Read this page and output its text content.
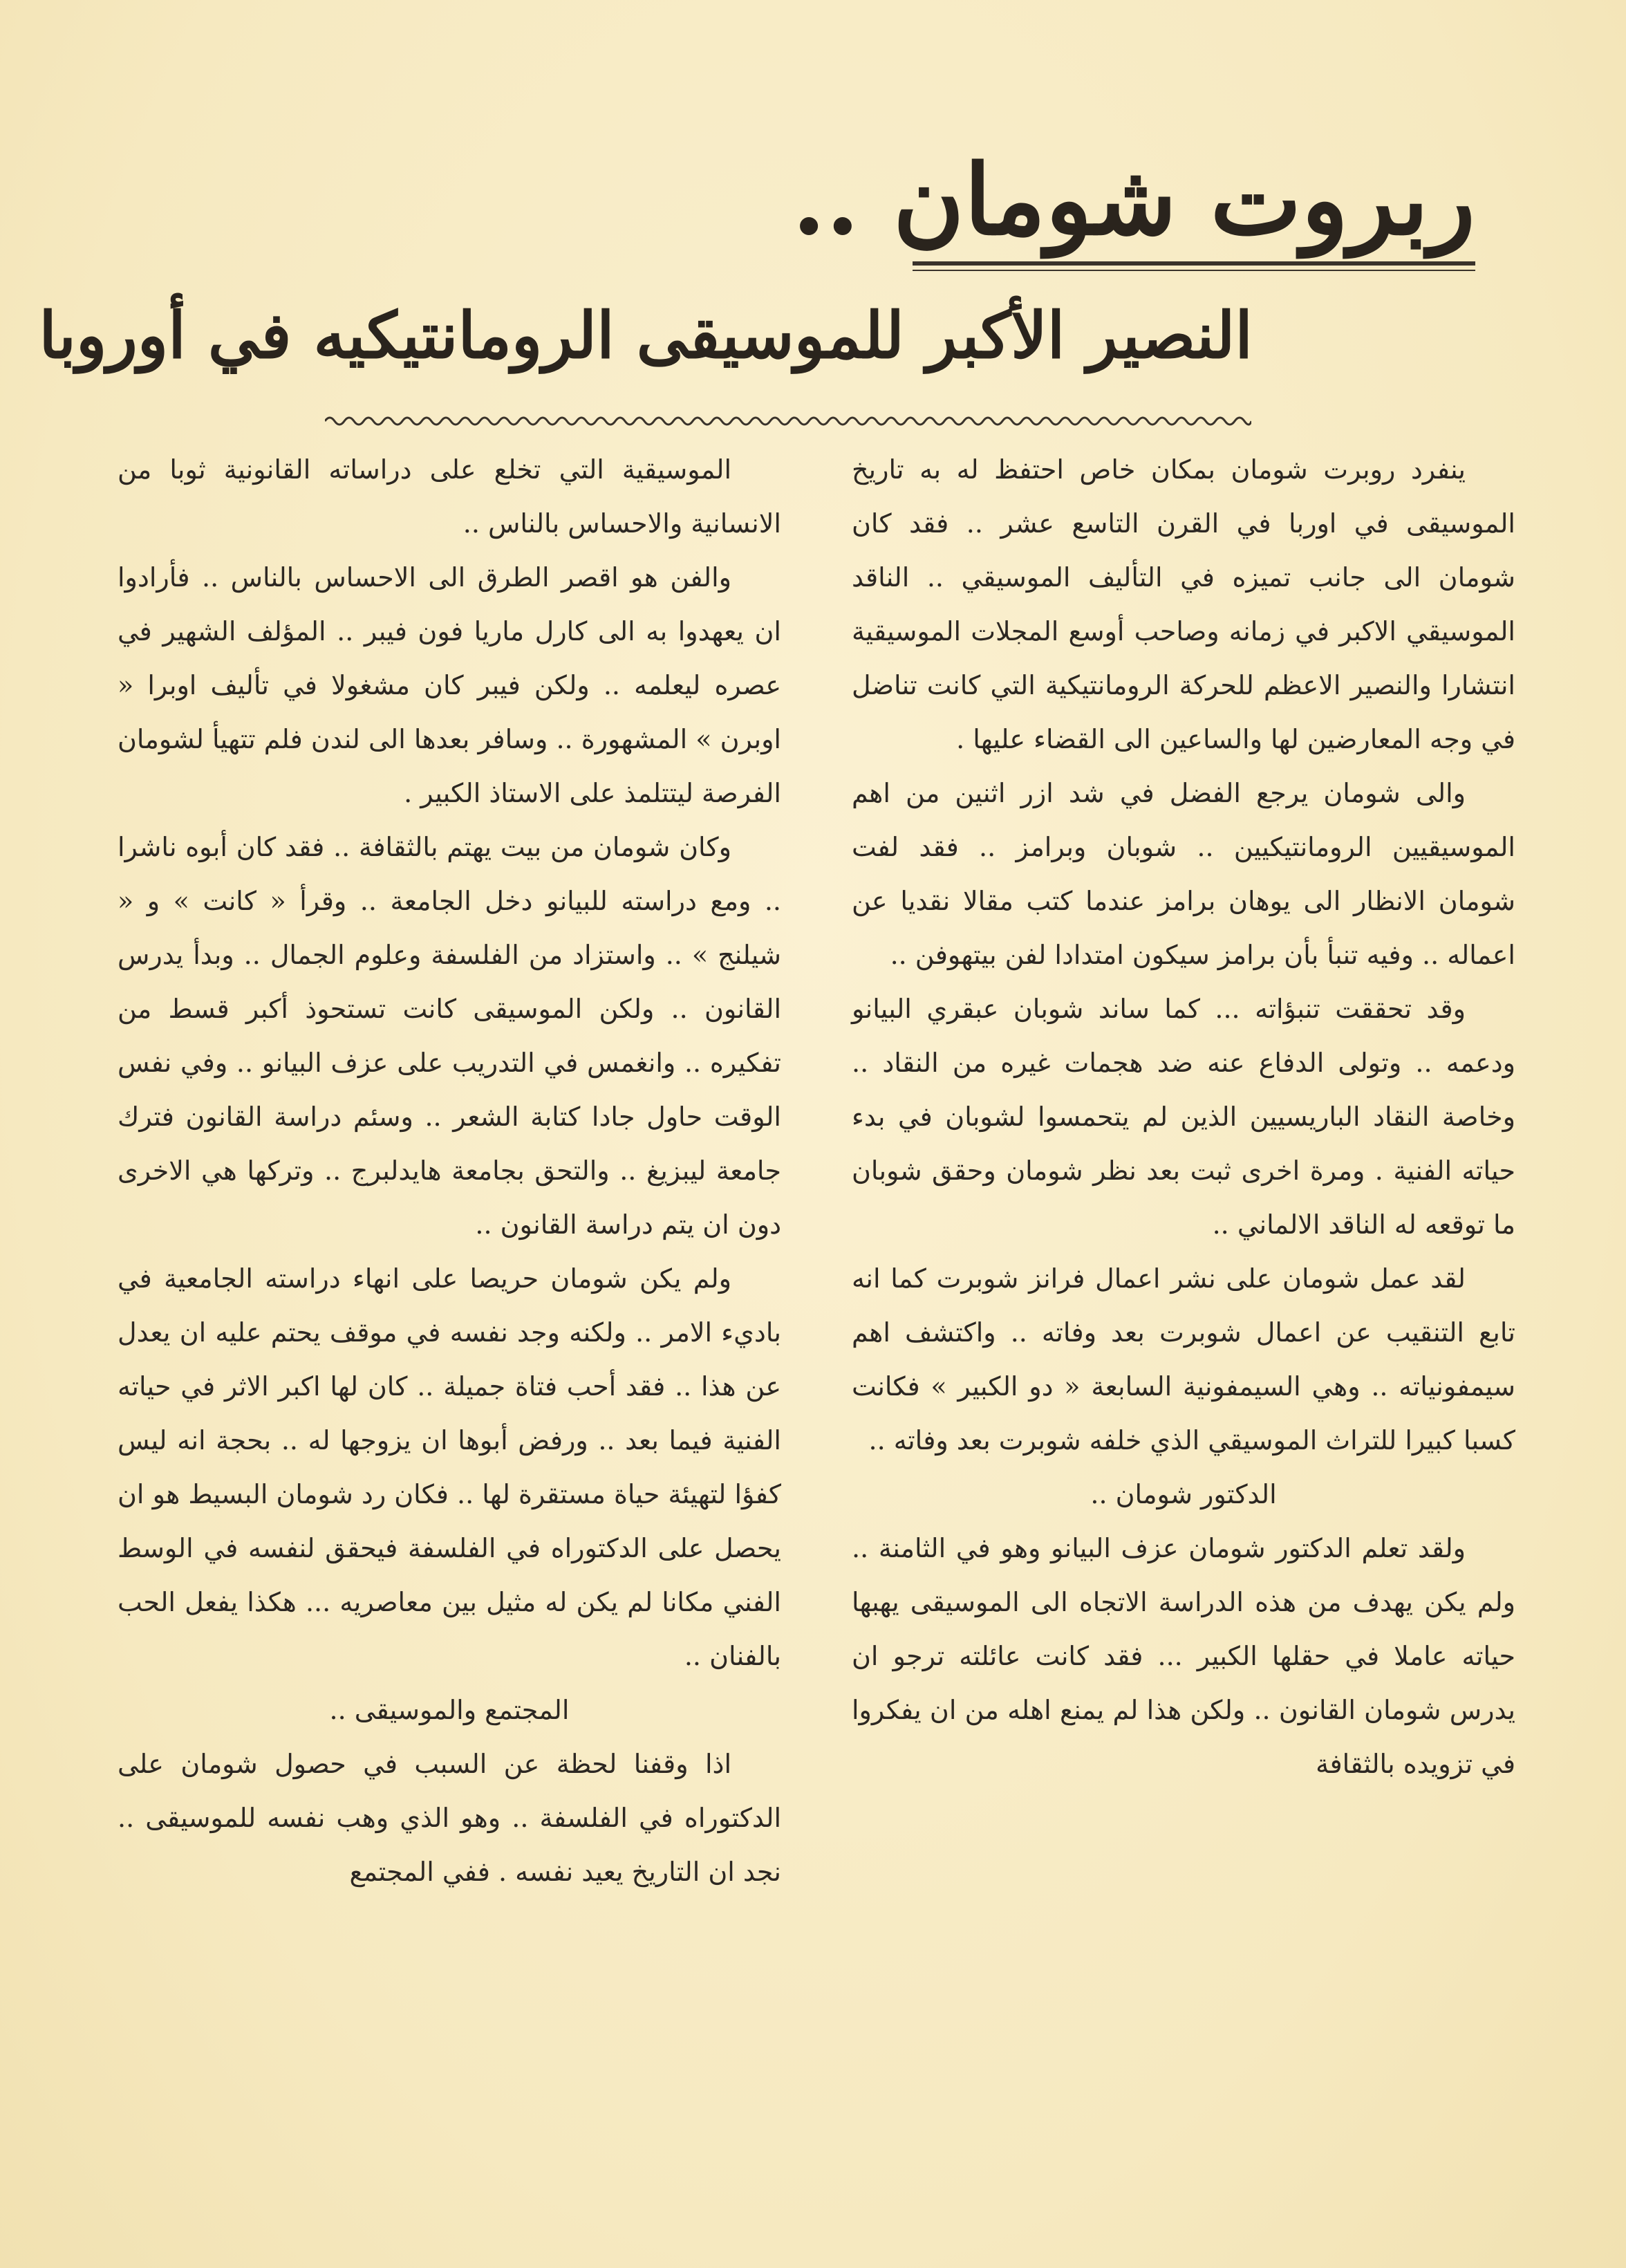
ربروت شومان ..
النصير الأكبر للموسيقى الرومانتيكيه في أوروبا

ينفرد روبرت شومان بمكان خاص احتفظ له به تاريخ الموسيقى في اوربا في القرن التاسع عشر .. فقد كان شومان الى جانب تميزه في التأليف الموسيقي .. الناقد الموسيقي الاكبر في زمانه وصاحب أوسع المجلات الموسيقية انتشارا والنصير الاعظم للحركة الرومانتيكية التي كانت تناضل في وجه المعارضين لها والساعين الى القضاء عليها .

والى شومان يرجع الفضل في شد ازر اثنين من اهم الموسيقيين الرومانتيكيين .. شوبان وبرامز .. فقد لفت شومان الانظار الى يوهان برامز عندما كتب مقالا نقديا عن اعماله .. وفيه تنبأ بأن برامز سيكون امتدادا لفن بيتهوفن ..

وقد تحققت تنبؤاته ... كما ساند شوبان عبقري البيانو ودعمه .. وتولى الدفاع عنه ضد هجمات غيره من النقاد .. وخاصة النقاد الباريسيين الذين لم يتحمسوا لشوبان في بدء حياته الفنية . ومرة اخرى ثبت بعد نظر شومان وحقق شوبان ما توقعه له الناقد الالماني ..

لقد عمل شومان على نشر اعمال فرانز شوبرت كما انه تابع التنقيب عن اعمال شوبرت بعد وفاته .. واكتشف اهم سيمفونياته .. وهي السيمفونية السابعة « دو الكبير » فكانت كسبا كبيرا للتراث الموسيقي الذي خلفه شوبرت بعد وفاته ..

الدكتور شومان ..

ولقد تعلم الدكتور شومان عزف البيانو وهو في الثامنة .. ولم يكن يهدف من هذه الدراسة الاتجاه الى الموسيقى يهبها حياته عاملا في حقلها الكبير ... فقد كانت عائلته ترجو ان يدرس شومان القانون .. ولكن هذا لم يمنع اهله من ان يفكروا في تزويده بالثقافة

الموسيقية التي تخلع على دراساته القانونية ثوبا من الانسانية والاحساس بالناس ..

والفن هو اقصر الطرق الى الاحساس بالناس .. فأرادوا ان يعهدوا به الى كارل ماريا فون فيبر .. المؤلف الشهير في عصره ليعلمه .. ولكن فيبر كان مشغولا في تأليف اوبرا « اوبرن » المشهورة .. وسافر بعدها الى لندن فلم تتهيأ لشومان الفرصة ليتتلمذ على الاستاذ الكبير .

وكان شومان من بيت يهتم بالثقافة .. فقد كان أبوه ناشرا .. ومع دراسته للبيانو دخل الجامعة .. وقرأ « كانت » و « شيلنج » .. واستزاد من الفلسفة وعلوم الجمال .. وبدأ يدرس القانون .. ولكن الموسيقى كانت تستحوذ أكبر قسط من تفكيره .. وانغمس في التدريب على عزف البيانو .. وفي نفس الوقت حاول جادا كتابة الشعر .. وسئم دراسة القانون فترك جامعة ليبزيغ .. والتحق بجامعة هايدلبرج .. وتركها هي الاخرى دون ان يتم دراسة القانون ..

ولم يكن شومان حريصا على انهاء دراسته الجامعية في باديء الامر .. ولكنه وجد نفسه في موقف يحتم عليه ان يعدل عن هذا .. فقد أحب فتاة جميلة .. كان لها اكبر الاثر في حياته الفنية فيما بعد .. ورفض أبوها ان يزوجها له .. بحجة انه ليس كفؤا لتهيئة حياة مستقرة لها .. فكان رد شومان البسيط هو ان يحصل على الدكتوراه في الفلسفة فيحقق لنفسه في الوسط الفني مكانا لم يكن له مثيل بين معاصريه ... هكذا يفعل الحب بالفنان ..

المجتمع والموسيقى ..

اذا وقفنا لحظة عن السبب في حصول شومان على الدكتوراه في الفلسفة .. وهو الذي وهب نفسه للموسيقى .. نجد ان التاريخ يعيد نفسه . ففي المجتمع
